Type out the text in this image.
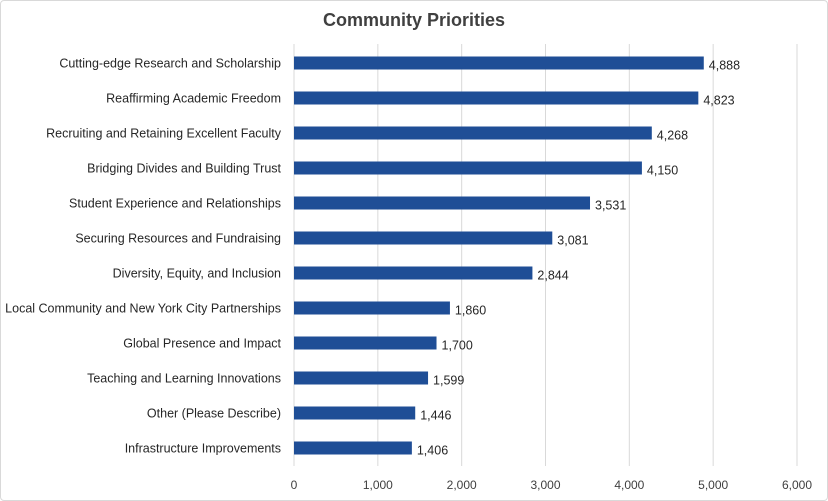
Community Priorities
Cutting-edge Research and Scholarship
Reaffirming Academic Freedom
Recruiting and Retaining Excellent Faculty
Bridging Divides and Building Trust
Student Experience and Relationships
Securing Resources and Fundraising
Diversity, Equity, and Inclusion
Local Community and New York City Partnerships
Global Presence and Impact
Teaching and Learning Innovations
Other (Please Describe)
Infrastructure Improvements
4,888
4,823
4,268
4,150
3,531
3,081
2,844
1,860
1,700
1,599
1,446
1,406
0	1,000	2,000	3,000	4,000	5,000	6,000
